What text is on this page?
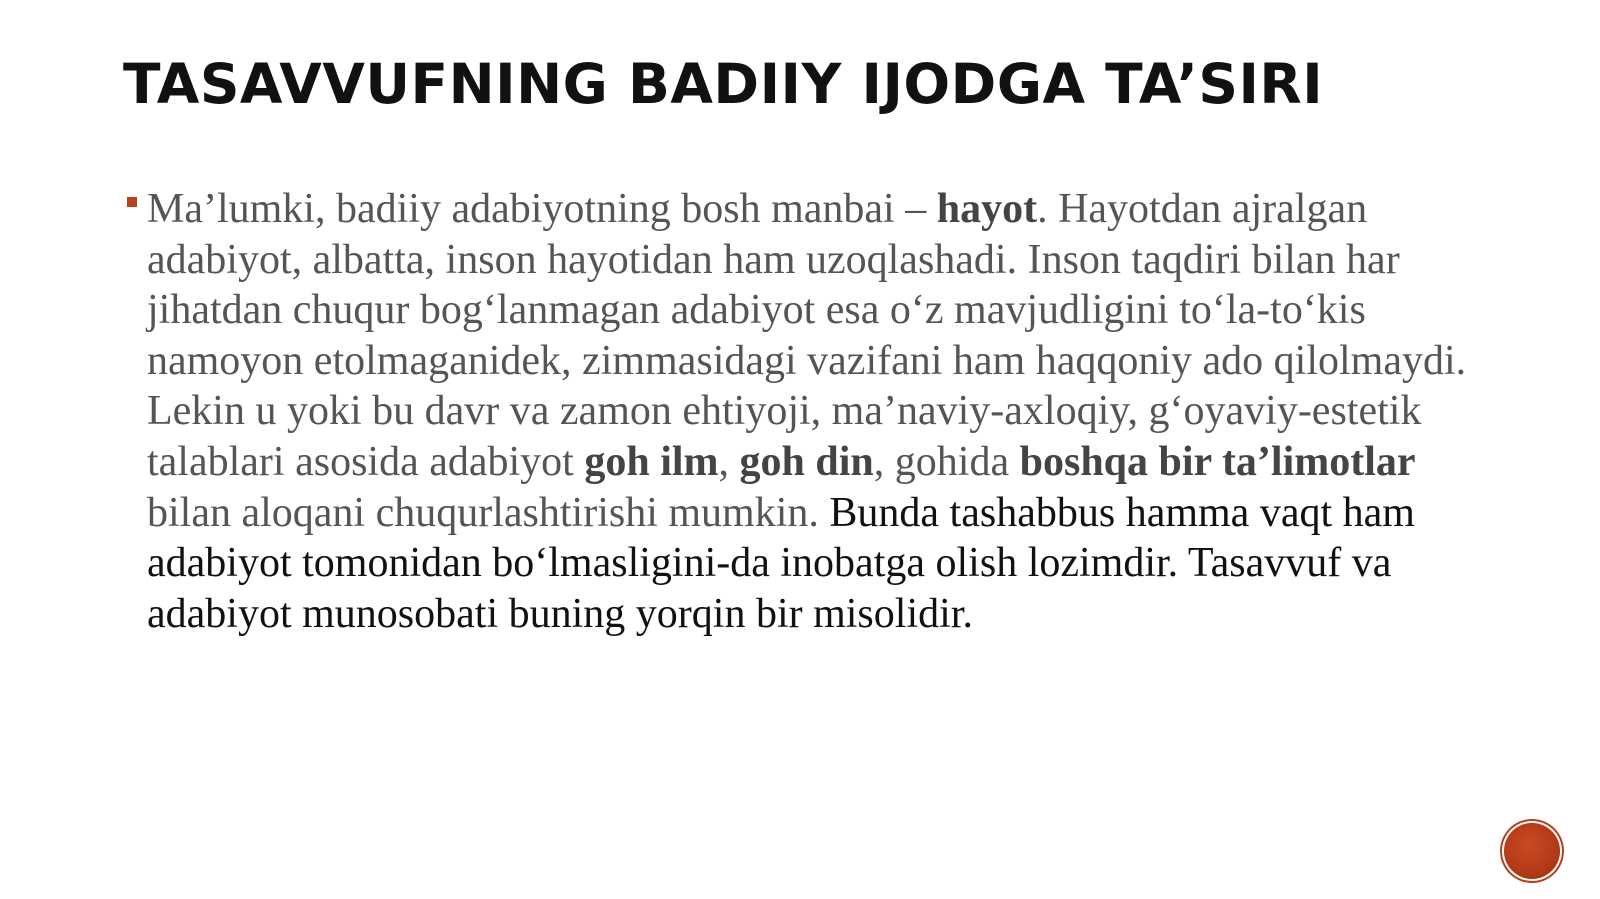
TASAVVUFNING BADIIY IJODGA TA’SIRI

Ma’lumki, badiiy adabiyotning bosh manbai – hayot. Hayotdan ajralgan adabiyot, albatta, inson hayotidan ham uzoqlashadi. Inson taqdiri bilan har jihatdan chuqur bog‘lanmagan adabiyot esa o‘z mavjudligini to‘la-to‘kis namoyon etolmaganidek, zimmasidagi vazifani ham haqqoniy ado qilolmaydi. Lekin u yoki bu davr va zamon ehtiyoji, ma’naviy-axloqiy, g‘oyaviy-estetik talablari asosida adabiyot goh ilm, goh din, gohida boshqa bir ta’limotlar bilan aloqani chuqurlashtirishi mumkin. Bunda tashabbus hamma vaqt ham adabiyot tomonidan bo‘lmasligini-da inobatga olish lozimdir. Tasavvuf va adabiyot munosobati buning yorqin bir misolidir.
